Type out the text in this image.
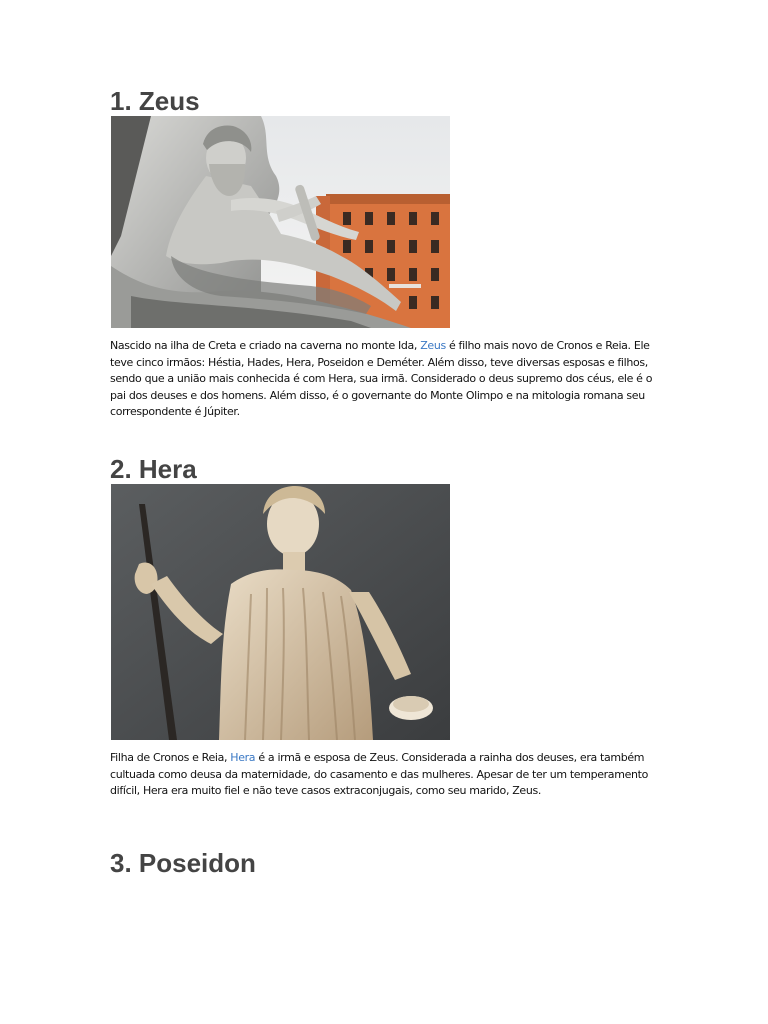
1. Zeus

Nascido na ilha de Creta e criado na caverna no monte Ida, Zeus é filho mais novo de Cronos e Reia. Ele teve cinco irmãos: Héstia, Hades, Hera, Poseidon e Deméter. Além disso, teve diversas esposas e filhos, sendo que a união mais conhecida é com Hera, sua irmã. Considerado o deus supremo dos céus, ele é o pai dos deuses e dos homens. Além disso, é o governante do Monte Olimpo e na mitologia romana seu correspondente é Júpiter.

2. Hera

Filha de Cronos e Reia, Hera é a irmã e esposa de Zeus. Considerada a rainha dos deuses, era também cultuada como deusa da maternidade, do casamento e das mulheres. Apesar de ter um temperamento difícil, Hera era muito fiel e não teve casos extraconjugais, como seu marido, Zeus.

3. Poseidon
